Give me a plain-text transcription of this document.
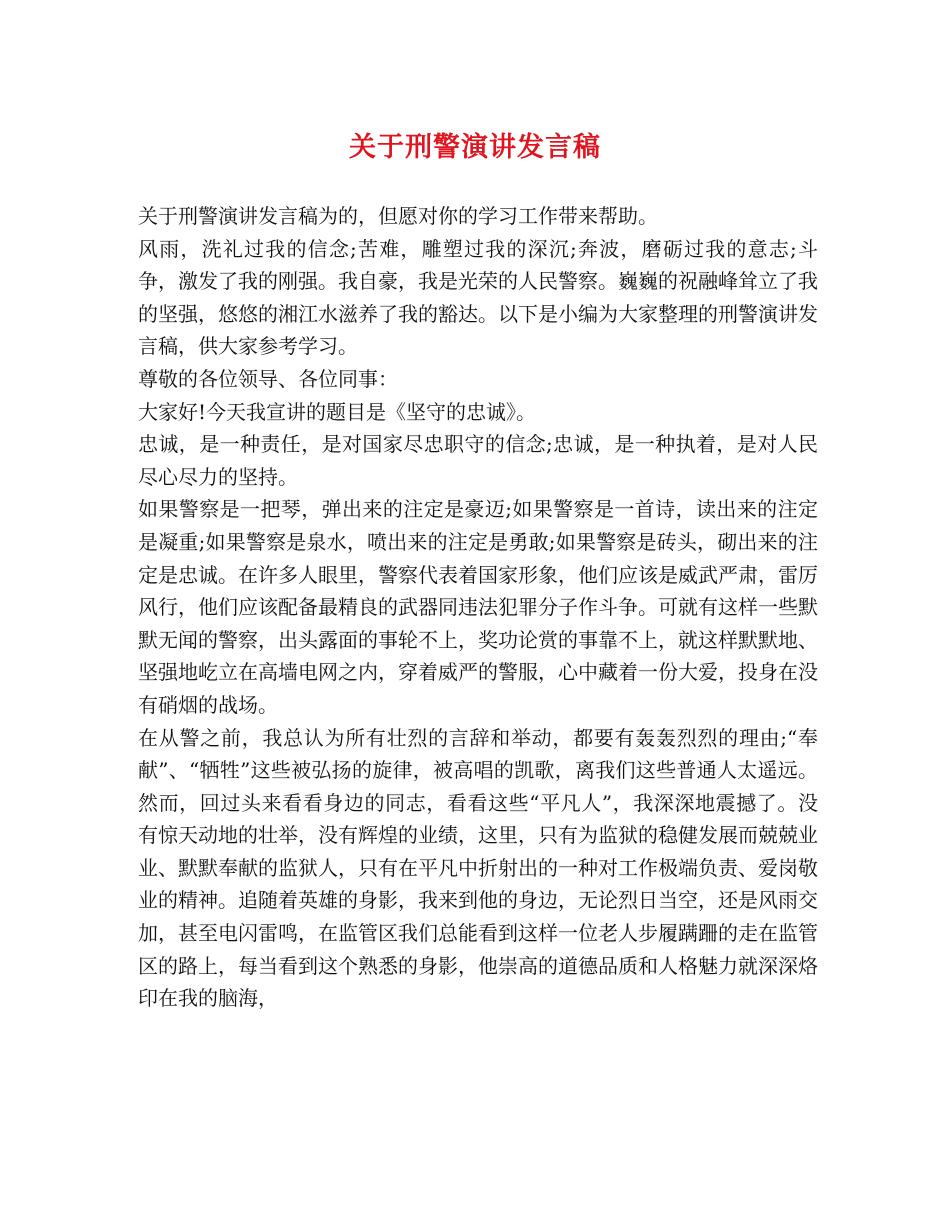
关于刑警演讲发言稿

关于刑警演讲发言稿为的，但愿对你的学习工作带来帮助。

风雨，洗礼过我的信念;苦难，雕塑过我的深沉;奔波，磨砺过我的意志;斗争，激发了我的刚强。我自豪，我是光荣的人民警察。巍巍的祝融峰耸立了我的坚强，悠悠的湘江水滋养了我的豁达。以下是小编为大家整理的刑警演讲发言稿，供大家参考学习。

尊敬的各位领导、各位同事：

大家好!今天我宣讲的题目是《坚守的忠诚》。

忠诚，是一种责任，是对国家尽忠职守的信念;忠诚，是一种执着，是对人民尽心尽力的坚持。

如果警察是一把琴，弹出来的注定是豪迈;如果警察是一首诗，读出来的注定是凝重;如果警察是泉水，喷出来的注定是勇敢;如果警察是砖头，砌出来的注定是忠诚。在许多人眼里，警察代表着国家形象，他们应该是威武严肃，雷厉风行，他们应该配备最精良的武器同违法犯罪分子作斗争。可就有这样一些默默无闻的警察，出头露面的事轮不上，奖功论赏的事靠不上，就这样默默地、坚强地屹立在高墙电网之内，穿着威严的警服，心中藏着一份大爱，投身在没有硝烟的战场。

在从警之前，我总认为所有壮烈的言辞和举动，都要有轰轰烈烈的理由;“奉献”、“牺牲”这些被弘扬的旋律，被高唱的凯歌，离我们这些普通人太遥远。然而，回过头来看看身边的同志，看看这些“平凡人”，我深深地震撼了。没有惊天动地的壮举，没有辉煌的业绩，这里，只有为监狱的稳健发展而兢兢业业、默默奉献的监狱人，只有在平凡中折射出的一种对工作极端负责、爱岗敬业的精神。追随着英雄的身影，我来到他的身边，无论烈日当空，还是风雨交加，甚至电闪雷鸣，在监管区我们总能看到这样一位老人步履蹒跚的走在监管区的路上，每当看到这个熟悉的身影，他崇高的道德品质和人格魅力就深深烙印在我的脑海，
